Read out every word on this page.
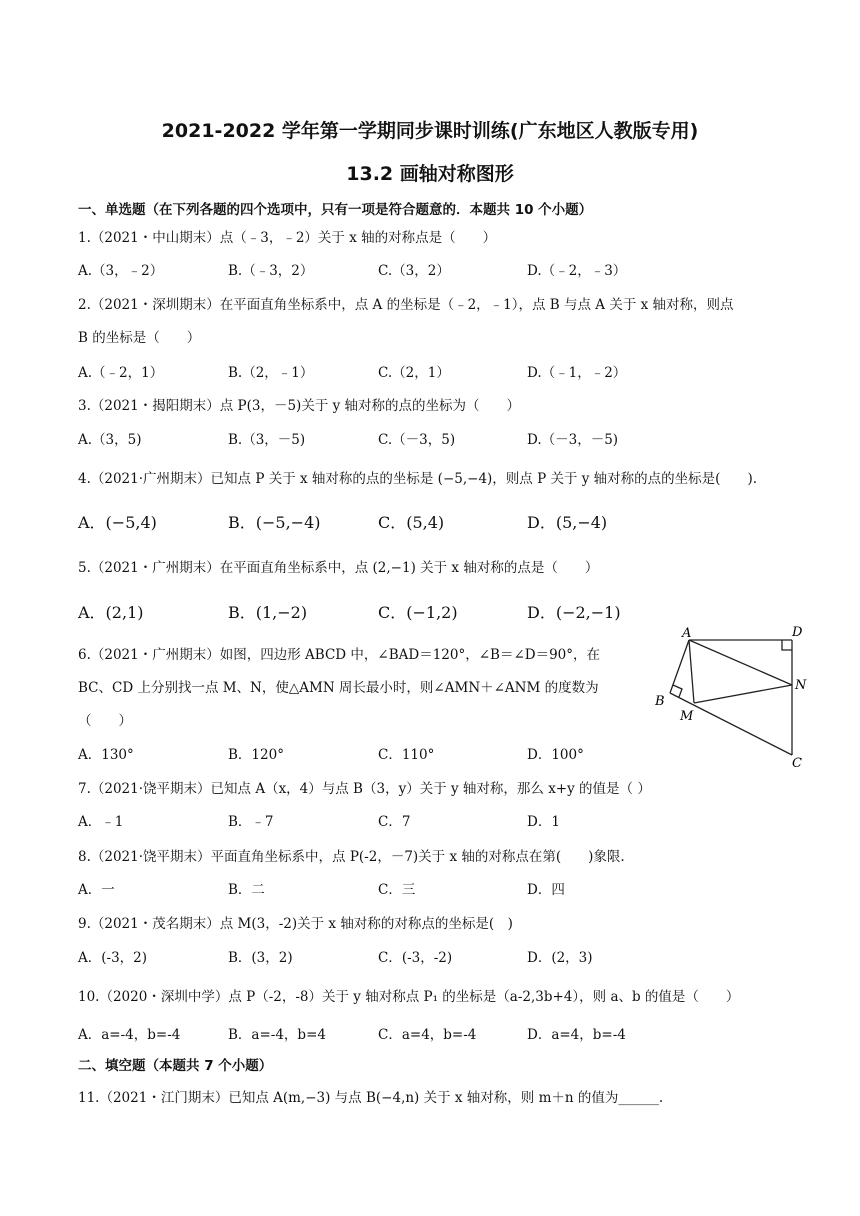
2021-2022 学年第一学期同步课时训练(广东地区人教版专用)
13.2 画轴对称图形
一、单选题（在下列各题的四个选项中，只有一项是符合题意的．本题共 10 个小题）
1.（2021・中山期末）点（﹣3，﹣2）关于 x 轴的对称点是（　　）
A.（3，﹣2）	B.（﹣3，2）	C.（3，2）	D.（﹣2，﹣3）
2.（2021・深圳期末）在平面直角坐标系中，点 A 的坐标是（﹣2，﹣1），点 B 与点 A 关于 x 轴对称，则点
B 的坐标是（　　）
A.（﹣2，1）	B.（2，﹣1）	C.（2，1）	D.（﹣1，﹣2）
3.（2021・揭阳期末）点 P(3，－5)关于 y 轴对称的点的坐标为（　　）
A.（3，5)	B.（3，－5)	C.（－3，5)	D.（－3，－5)
4.（2021·广州期末）已知点 P 关于 x 轴对称的点的坐标是 (−5,−4)，则点 P 关于 y 轴对称的点的坐标是(　　).
A．(−5,4)	B．(−5,−4)	C．(5,4)	D．(5,−4)
5.（2021・广州期末）在平面直角坐标系中，点 (2,−1) 关于 x 轴对称的点是（　　）
A．(2,1)	B．(1,−2)	C．(−1,2)	D．(−2,−1)
6.（2021・广州期末）如图，四边形 ABCD 中，∠BAD＝120°，∠B＝∠D＝90°，在
BC、CD 上分别找一点 M、N，使△AMN 周长最小时，则∠AMN＋∠ANM 的度数为
（　　）
A．130°	B．120°	C．110°	D．100°
A	D
N
B
M
C
7.（2021·饶平期末）已知点 A（x，4）与点 B（3，y）关于 y 轴对称，那么 x+y 的值是（ ）
A．﹣1	B．﹣7	C．7	D．1
8.（2021·饶平期末）平面直角坐标系中，点 P(-2，－7)关于 x 轴的对称点在第(　　)象限.
A．一	B．二	C．三	D．四
9.（2021・茂名期末）点 M(3，-2)关于 x 轴对称的对称点的坐标是(　)
A．(-3，2)	B．(3，2)	C．(-3，-2)	D．(2，3)
10.（2020・深圳中学）点 P（-2，-8）关于 y 轴对称点 P₁ 的坐标是（a-2,3b+4），则 a、b 的值是（　　）
A．a=-4，b=-4	B．a=-4，b=4	C．a=4，b=-4	D．a=4，b=-4
二、填空题（本题共 7 个小题）
11.（2021・江门期末）已知点 A(m,−3) 与点 B(−4,n) 关于 x 轴对称，则 m＋n 的值为______.
